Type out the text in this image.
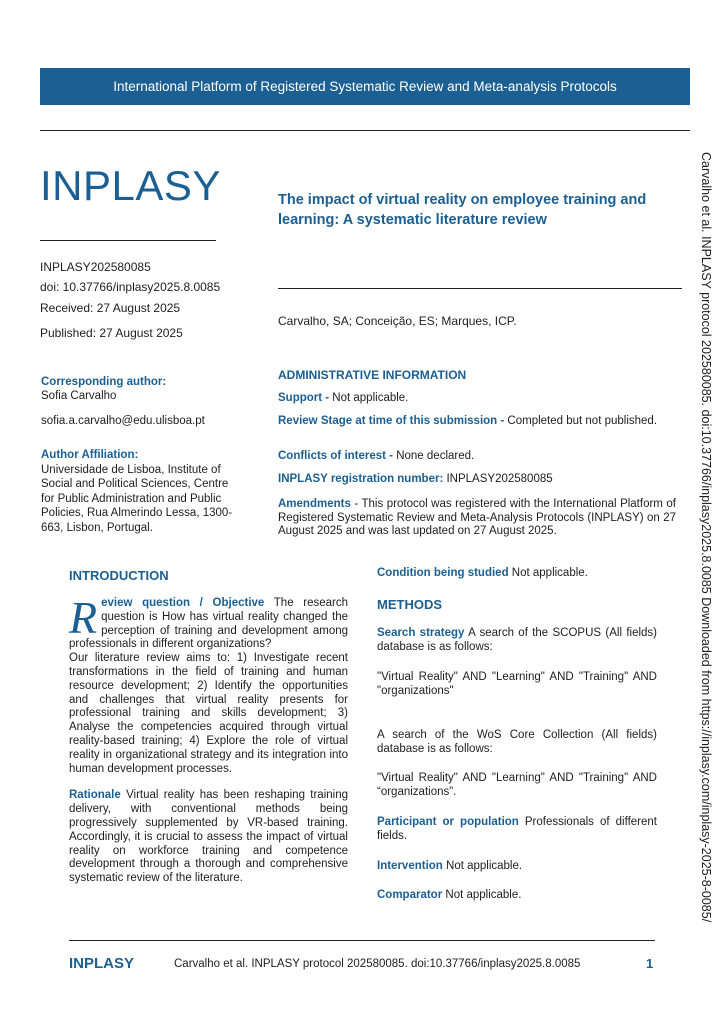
International Platform of Registered Systematic Review and Meta-analysis Protocols
INPLASY
INPLASY202580085
doi: 10.37766/inplasy2025.8.0085
Received: 27 August 2025
Published: 27 August 2025
The impact of virtual reality on employee training and learning: A systematic literature review
Carvalho, SA; Conceição, ES; Marques, ICP.
Corresponding author:
Sofia Carvalho
sofia.a.carvalho@edu.ulisboa.pt
Author Affiliation:
Universidade de Lisboa, Institute of Social and Political Sciences, Centre for Public Administration and Public Policies, Rua Almerindo Lessa, 1300-663, Lisbon, Portugal.
ADMINISTRATIVE INFORMATION
Support - Not applicable.
Review Stage at time of this submission - Completed but not published.
Conflicts of interest - None declared.
INPLASY registration number: INPLASY202580085
Amendments - This protocol was registered with the International Platform of Registered Systematic Review and Meta-Analysis Protocols (INPLASY) on 27 August 2025 and was last updated on 27 August 2025.
INTRODUCTION

Review question / Objective The research question is How has virtual reality changed the perception of training and development among professionals in different organizations?

Our literature review aims to: 1) Investigate recent transformations in the field of training and human resource development; 2) Identify the opportunities and challenges that virtual reality presents for professional training and skills development; 3) Analyse the competencies acquired through virtual reality-based training; 4) Explore the role of virtual reality in organizational strategy and its integration into human development processes.

Rationale Virtual reality has been reshaping training delivery, with conventional methods being progressively supplemented by VR-based training. Accordingly, it is crucial to assess the impact of virtual reality on workforce training and competence development through a thorough and comprehensive systematic review of the literature.

Condition being studied Not applicable.
METHODS
Search strategy A search of the SCOPUS (All fields) database is as follows:
"Virtual Reality" AND "Learning" AND "Training" AND "organizations"
A search of the WoS Core Collection (All fields) database is as follows:
"Virtual Reality" AND "Learning" AND "Training" AND “organizations”.
Participant or population Professionals of different fields.
Intervention Not applicable.
Comparator Not applicable.	Carvalho et al. INPLASY protocol 202580085. doi:10.37766/inplasy2025.8.0085 Downloaded from https://inplasy.com/inplasy-2025-8-0085/
INPLASY	Carvalho et al. INPLASY protocol 202580085. doi:10.37766/inplasy2025.8.0085	1
